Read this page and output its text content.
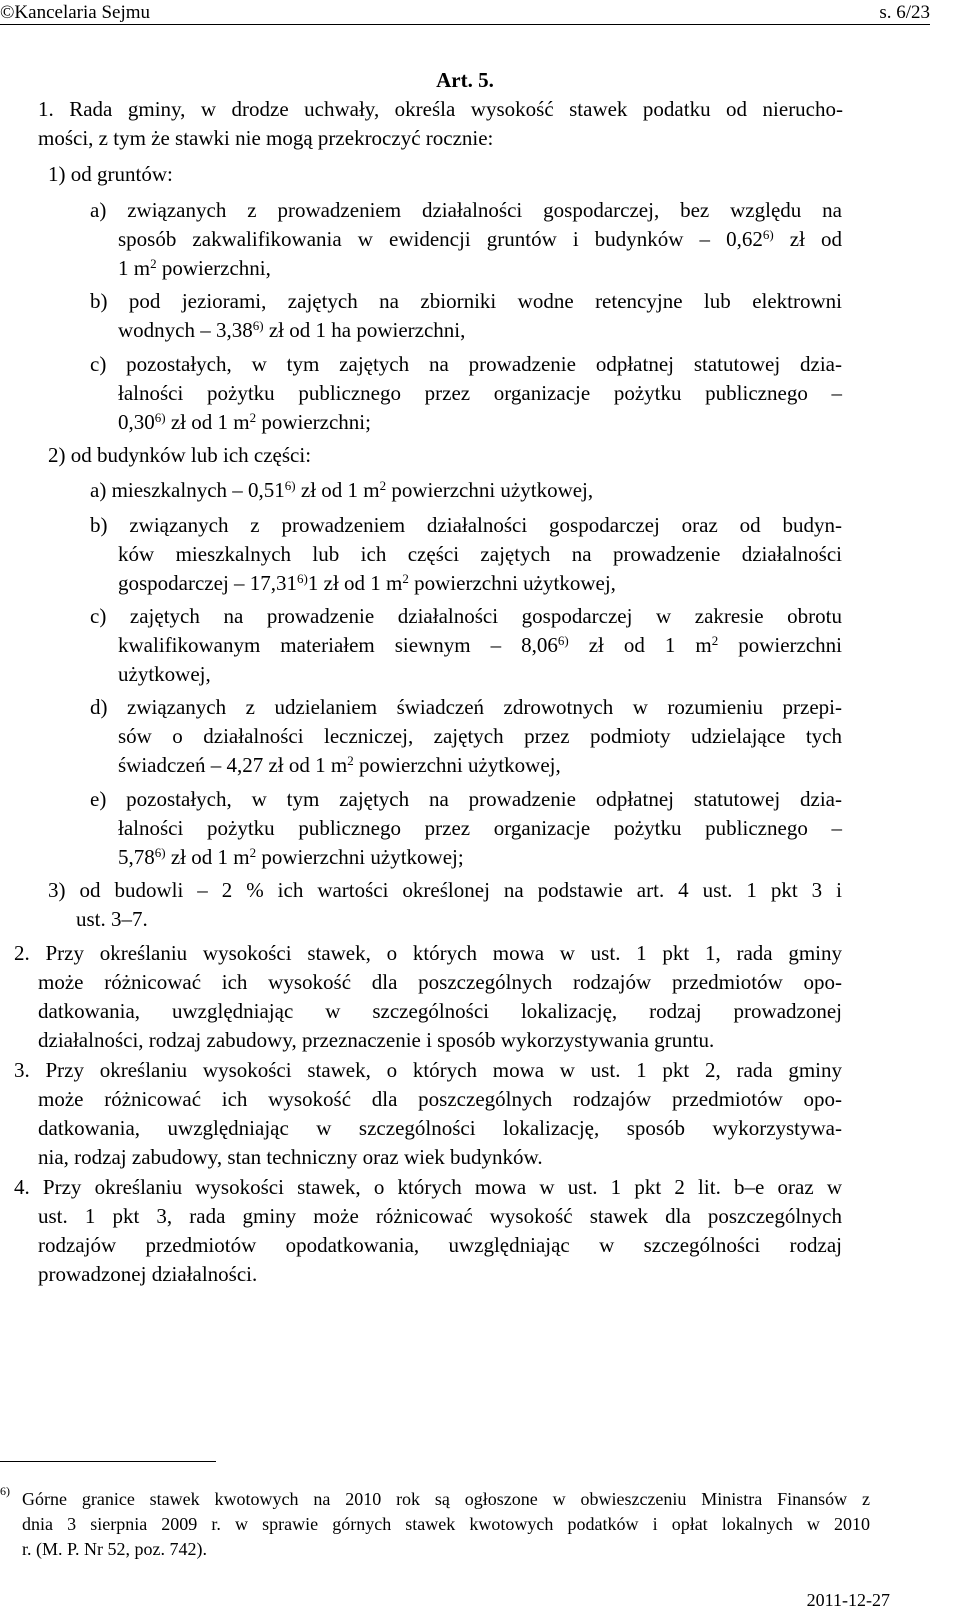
©Kancelaria Sejmu	s. 6/23
Art. 5.
1. Rada gminy, w drodze uchwały, określa wysokość stawek podatku od nierucho-
mości, z tym że stawki nie mogą przekroczyć rocznie:
1) od gruntów:
a) związanych z prowadzeniem działalności gospodarczej, bez względu na
sposób zakwalifikowania w ewidencji gruntów i budynków – 0,62$^{6)}$ zł od
1 $m^2$ powierzchni,
b) pod jeziorami, zajętych na zbiorniki wodne retencyjne lub elektrowni
wodnych – 3,38$^{6)}$ zł od 1 ha powierzchni,
c) pozostałych, w tym zajętych na prowadzenie odpłatnej statutowej dzia-
łalności pożytku publicznego przez organizacje pożytku publicznego –
0,30$^{6)}$ zł od 1 $m^2$ powierzchni;
2) od budynków lub ich części:
a) mieszkalnych – 0,51$^{6)}$ zł od 1 $m^2$ powierzchni użytkowej,
b) związanych z prowadzeniem działalności gospodarczej oraz od budyn-
ków mieszkalnych lub ich części zajętych na prowadzenie działalności
gospodarczej – 17,31$^{6)}$1 zł od 1 $m^2$ powierzchni użytkowej,
c) zajętych na prowadzenie działalności gospodarczej w zakresie obrotu
kwalifikowanym materiałem siewnym – 8,06$^{6)}$ zł od 1 $m^2$ powierzchni
użytkowej,
d) związanych z udzielaniem świadczeń zdrowotnych w rozumieniu przepi-
sów o działalności leczniczej, zajętych przez podmioty udzielające tych
świadczeń – 4,27 zł od 1 $m^2$ powierzchni użytkowej,
e) pozostałych, w tym zajętych na prowadzenie odpłatnej statutowej dzia-
łalności pożytku publicznego przez organizacje pożytku publicznego –
5,78$^{6)}$ zł od 1 $m^2$ powierzchni użytkowej;
3) od budowli – 2 % ich wartości określonej na podstawie art. 4 ust. 1 pkt 3 i
ust. 3–7.
2. Przy określaniu wysokości stawek, o których mowa w ust. 1 pkt 1, rada gminy
może różnicować ich wysokość dla poszczególnych rodzajów przedmiotów opo-
datkowania, uwzględniając w szczególności lokalizację, rodzaj prowadzonej
działalności, rodzaj zabudowy, przeznaczenie i sposób wykorzystywania gruntu.
3. Przy określaniu wysokości stawek, o których mowa w ust. 1 pkt 2, rada gminy
może różnicować ich wysokość dla poszczególnych rodzajów przedmiotów opo-
datkowania, uwzględniając w szczególności lokalizację, sposób wykorzystywa-
nia, rodzaj zabudowy, stan techniczny oraz wiek budynków.
4. Przy określaniu wysokości stawek, o których mowa w ust. 1 pkt 2 lit. b–e oraz w
ust. 1 pkt 3, rada gminy może różnicować wysokość stawek dla poszczególnych
rodzajów przedmiotów opodatkowania, uwzględniając w szczególności rodzaj
prowadzonej działalności.
6) Górne granice stawek kwotowych na 2010 rok są ogłoszone w obwieszczeniu Ministra Finansów z
dnia 3 sierpnia 2009 r. w sprawie górnych stawek kwotowych podatków i opłat lokalnych w 2010
r. (M. P. Nr 52, poz. 742).
2011-12-27
